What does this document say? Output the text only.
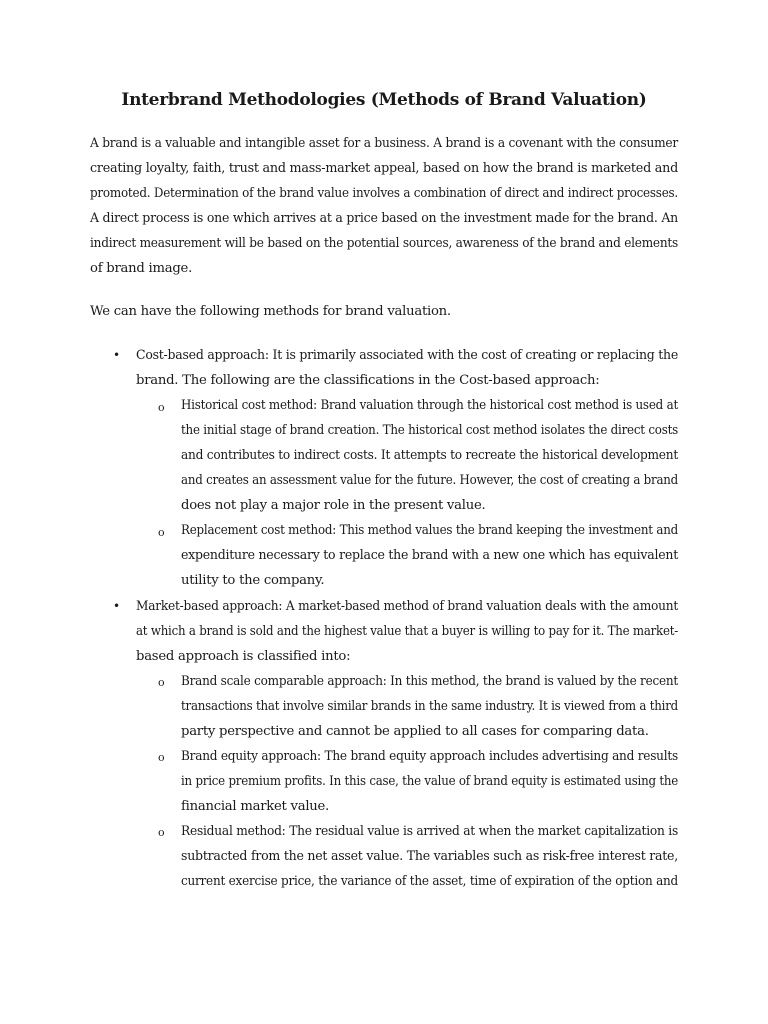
Interbrand Methodologies (Methods of Brand Valuation)
A brand is a valuable and intangible asset for a business. A brand is a covenant with the consumer
creating loyalty, faith, trust and mass-market appeal, based on how the brand is marketed and
promoted. Determination of the brand value involves a combination of direct and indirect processes.
A direct process is one which arrives at a price based on the investment made for the brand. An
indirect measurement will be based on the potential sources, awareness of the brand and elements
of brand image.
We can have the following methods for brand valuation.
• Cost-based approach: It is primarily associated with the cost of creating or replacing the
brand. The following are the classifications in the Cost-based approach:
o Historical cost method: Brand valuation through the historical cost method is used at
the initial stage of brand creation. The historical cost method isolates the direct costs
and contributes to indirect costs. It attempts to recreate the historical development
and creates an assessment value for the future. However, the cost of creating a brand
does not play a major role in the present value.
o Replacement cost method: This method values the brand keeping the investment and
expenditure necessary to replace the brand with a new one which has equivalent
utility to the company.
• Market-based approach: A market-based method of brand valuation deals with the amount
at which a brand is sold and the highest value that a buyer is willing to pay for it. The market-
based approach is classified into:
o Brand scale comparable approach: In this method, the brand is valued by the recent
transactions that involve similar brands in the same industry. It is viewed from a third
party perspective and cannot be applied to all cases for comparing data.
o Brand equity approach: The brand equity approach includes advertising and results
in price premium profits. In this case, the value of brand equity is estimated using the
financial market value.
o Residual method: The residual value is arrived at when the market capitalization is
subtracted from the net asset value. The variables such as risk-free interest rate,
current exercise price, the variance of the asset, time of expiration of the option and
